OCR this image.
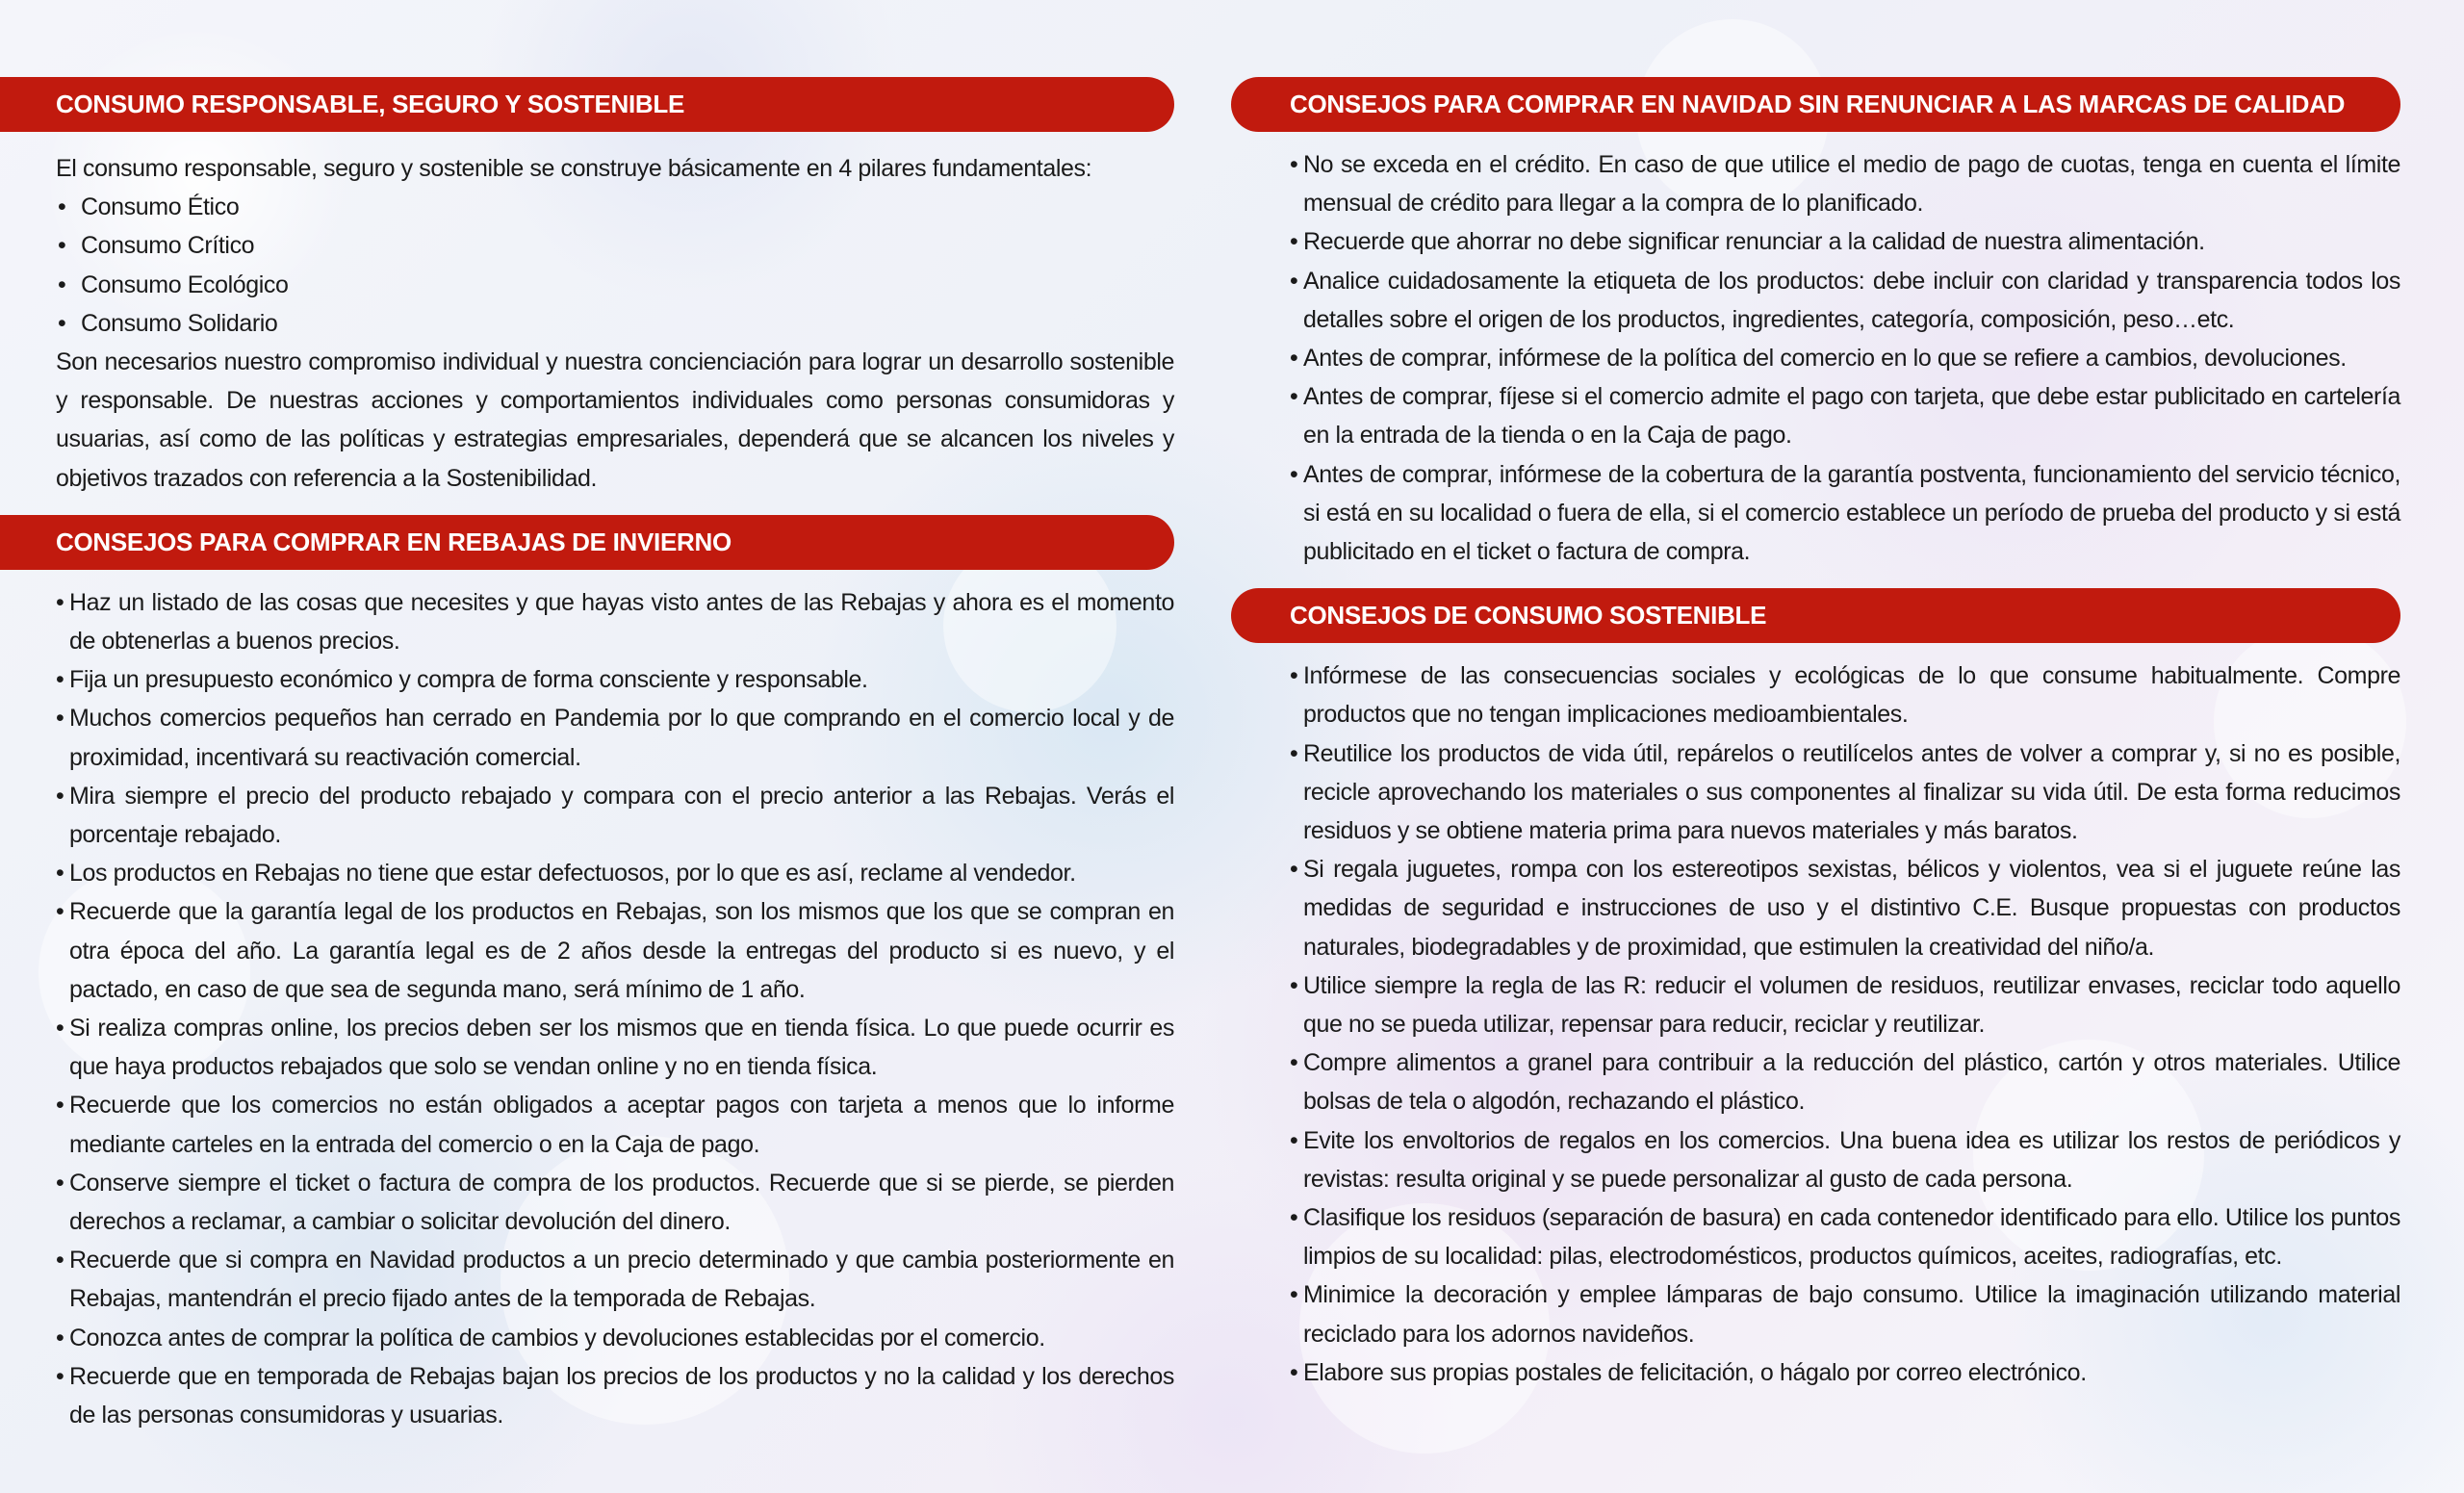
CONSUMO RESPONSABLE, SEGURO Y SOSTENIBLE

El consumo responsable, seguro y sostenible se construye básicamente en 4 pilares fundamentales:

• Consumo Ético
• Consumo Crítico
• Consumo Ecológico
• Consumo Solidario

Son necesarios nuestro compromiso individual y nuestra concienciación para lograr un desarrollo sostenible y responsable. De nuestras acciones y comportamientos individuales como personas consumidoras y usuarias, así como de las políticas y estrategias empresariales, dependerá que se alcancen los niveles y objetivos trazados con referencia a la Sostenibilidad.

CONSEJOS PARA COMPRAR EN REBAJAS DE INVIERNO
• Haz un listado de las cosas que necesites y que hayas visto antes de las Rebajas y ahora es el momento de obtenerlas a buenos precios.
• Fija un presupuesto económico y compra de forma consciente y responsable.
• Muchos comercios pequeños han cerrado en Pandemia por lo que comprando en el comercio local y de proximidad, incentivará su reactivación comercial.
• Mira siempre el precio del producto rebajado y compara con el precio anterior a las Rebajas. Verás el porcentaje rebajado.
• Los productos en Rebajas no tiene que estar defectuosos, por lo que es así, reclame al vendedor.
• Recuerde que la garantía legal de los productos en Rebajas, son los mismos que los que se compran en otra época del año. La garantía legal es de 2 años desde la entregas del producto si es nuevo, y el pactado, en caso de que sea de segunda mano, será mínimo de 1 año.
• Si realiza compras online, los precios deben ser los mismos que en tienda física. Lo que puede ocurrir es que haya productos rebajados que solo se vendan online y no en tienda física.
• Recuerde que los comercios no están obligados a aceptar pagos con tarjeta a menos que lo informe mediante carteles en la entrada del comercio o en la Caja de pago.
• Conserve siempre el ticket o factura de compra de los productos. Recuerde que si se pierde, se pierden derechos a reclamar, a cambiar o solicitar devolución del dinero.
• Recuerde que si compra en Navidad productos a un precio determinado y que cambia posteriormente en Rebajas, mantendrán el precio fijado antes de la temporada de Rebajas.
• Conozca antes de comprar la política de cambios y devoluciones establecidas por el comercio.
• Recuerde que en temporada de Rebajas bajan los precios de los productos y no la calidad y los derechos de las personas consumidoras y usuarias.
CONSEJOS PARA COMPRAR EN NAVIDAD SIN RENUNCIAR A LAS MARCAS DE CALIDAD
• No se exceda en el crédito. En caso de que utilice el medio de pago de cuotas, tenga en cuenta el límite mensual de crédito para llegar a la compra de lo planificado.
• Recuerde que ahorrar no debe significar renunciar a la calidad de nuestra alimentación.
• Analice cuidadosamente la etiqueta de los productos: debe incluir con claridad y transparencia todos los detalles sobre el origen de los productos, ingredientes, categoría, composición, peso…etc.
• Antes de comprar, infórmese de la política del comercio en lo que se refiere a cambios, devoluciones.
• Antes de comprar, fíjese si el comercio admite el pago con tarjeta, que debe estar publicitado en cartelería en la entrada de la tienda o en la Caja de pago.
• Antes de comprar, infórmese de la cobertura de la garantía postventa, funcionamiento del servicio técnico, si está en su localidad o fuera de ella, si el comercio establece un período de prueba del producto y si está publicitado en el ticket o factura de compra.
CONSEJOS DE CONSUMO SOSTENIBLE
• Infórmese de las consecuencias sociales y ecológicas de lo que consume habitualmente. Compre productos que no tengan implicaciones medioambientales.
• Reutilice los productos de vida útil, repárelos o reutilícelos antes de volver a comprar y, si no es posible, recicle aprovechando los materiales o sus componentes al finalizar su vida útil. De esta forma reducimos residuos y se obtiene materia prima para nuevos materiales y más baratos.
• Si regala juguetes, rompa con los estereotipos sexistas, bélicos y violentos, vea si el juguete reúne las medidas de seguridad e instrucciones de uso y el distintivo C.E. Busque propuestas con productos naturales, biodegradables y de proximidad, que estimulen la creatividad del niño/a.
• Utilice siempre la regla de las R: reducir el volumen de residuos, reutilizar envases, reciclar todo aquello que no se pueda utilizar, repensar para reducir, reciclar y reutilizar.
• Compre alimentos a granel para contribuir a la reducción del plástico, cartón y otros materiales. Utilice bolsas de tela o algodón, rechazando el plástico.
• Evite los envoltorios de regalos en los comercios. Una buena idea es utilizar los restos de periódicos y revistas: resulta original y se puede personalizar al gusto de cada persona.
• Clasifique los residuos (separación de basura) en cada contenedor identificado para ello. Utilice los puntos limpios de su localidad: pilas, electrodomésticos, productos químicos, aceites, radiografías, etc.
• Minimice la decoración y emplee lámparas de bajo consumo. Utilice la imaginación utilizando material reciclado para los adornos navideños.
• Elabore sus propias postales de felicitación, o hágalo por correo electrónico.
